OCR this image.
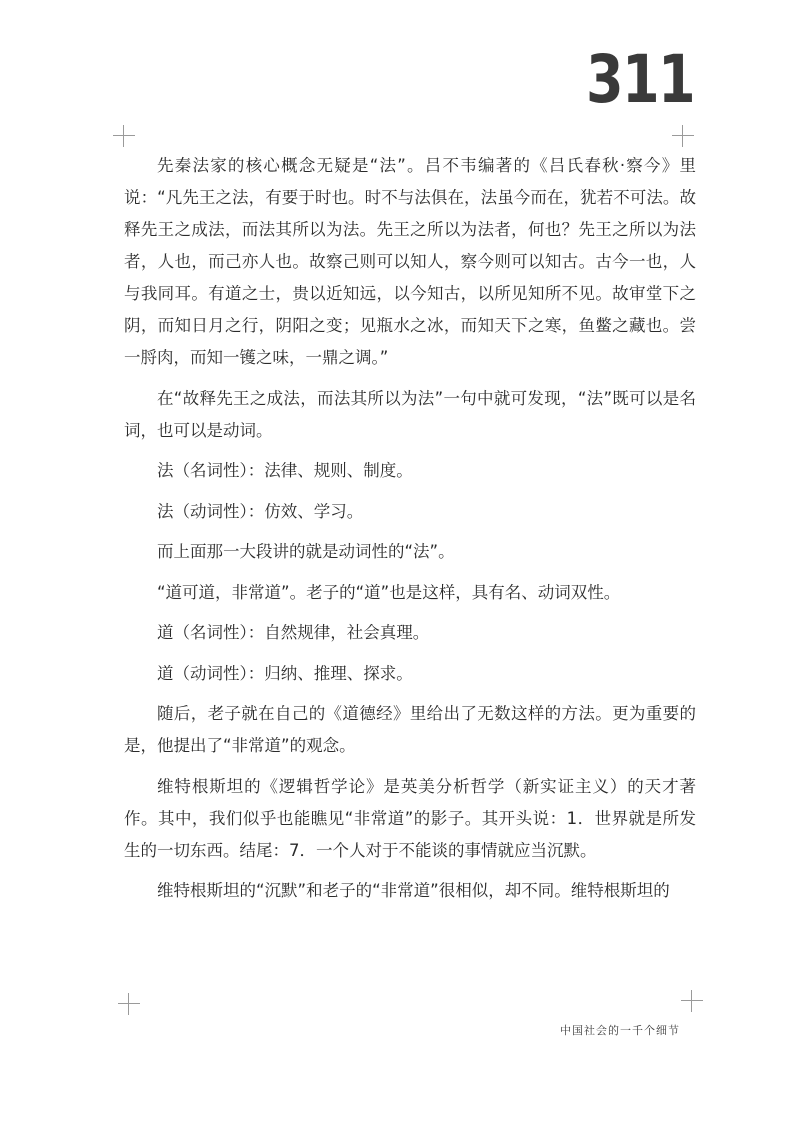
311

先秦法家的核心概念无疑是“法”。吕不韦编著的《吕氏春秋·察今》里说：“凡先王之法，有要于时也。时不与法俱在，法虽今而在，犹若不可法。故释先王之成法，而法其所以为法。先王之所以为法者，何也？先王之所以为法者，人也，而己亦人也。故察己则可以知人，察今则可以知古。古今一也，人与我同耳。有道之士，贵以近知远，以今知古，以所见知所不见。故审堂下之阴，而知日月之行，阴阳之变；见瓶水之冰，而知天下之寒，鱼鳖之藏也。尝一脟肉，而知一镬之味，一鼎之调。”

在“故释先王之成法，而法其所以为法”一句中就可发现，“法”既可以是名词，也可以是动词。

法（名词性）：法律、规则、制度。

法（动词性）：仿效、学习。

而上面那一大段讲的就是动词性的“法”。

“道可道，非常道”。老子的“道”也是这样，具有名、动词双性。

道（名词性）：自然规律，社会真理。

道（动词性）：归纳、推理、探求。

随后，老子就在自己的《道德经》里给出了无数这样的方法。更为重要的是，他提出了“非常道”的观念。

维特根斯坦的《逻辑哲学论》是英美分析哲学（新实证主义）的天才著作。其中，我们似乎也能瞧见“非常道”的影子。其开头说：1．世界就是所发生的一切东西。结尾：7．一个人对于不能谈的事情就应当沉默。

维特根斯坦的“沉默”和老子的“非常道”很相似，却不同。维特根斯坦的

中国社会的一千个细节
